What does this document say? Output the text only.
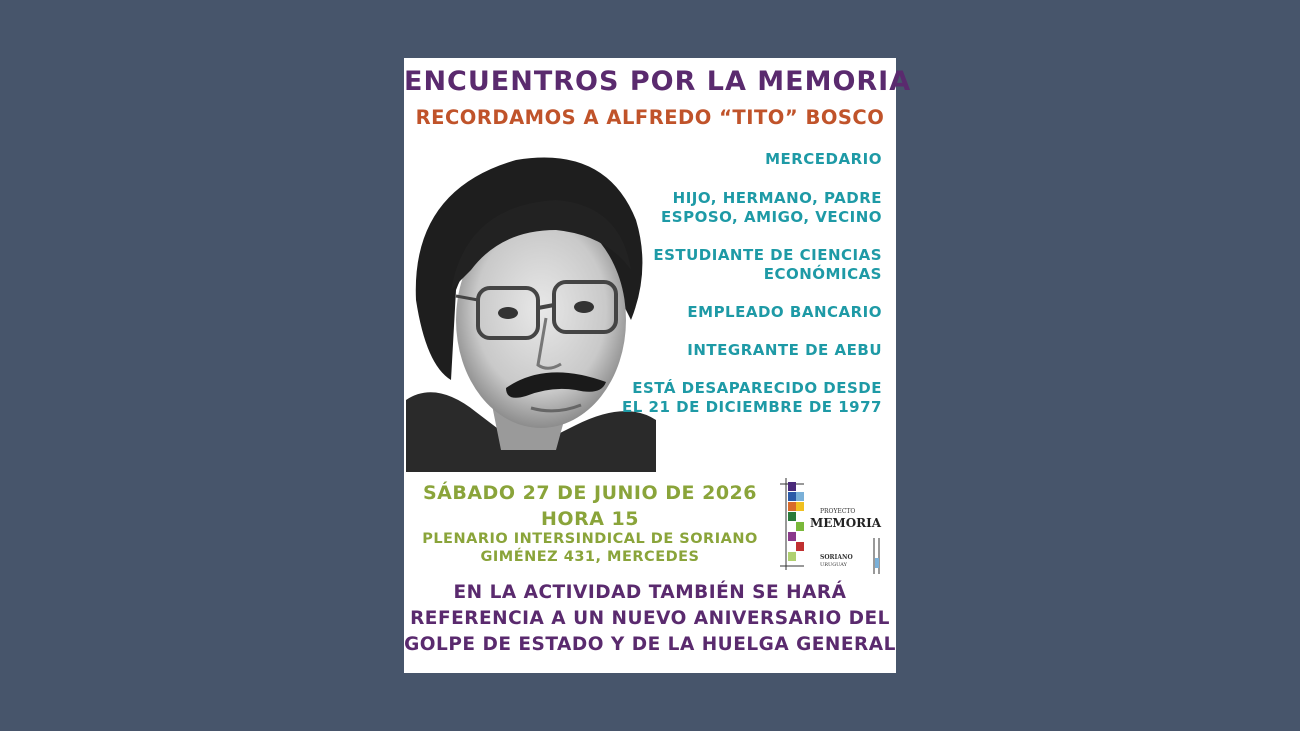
ENCUENTROS POR LA MEMORIA
RECORDAMOS A ALFREDO “TITO” BOSCO
MERCEDARIO
HIJO, HERMANO, PADRE
ESPOSO, AMIGO, VECINO
ESTUDIANTE DE CIENCIAS
ECONÓMICAS
EMPLEADO BANCARIO
INTEGRANTE DE AEBU
ESTÁ DESAPARECIDO DESDE
EL 21 DE DICIEMBRE DE 1977
SÁBADO 27 DE JUNIO DE 2026
HORA 15
PLENARIO INTERSINDICAL DE SORIANO
GIMÉNEZ 431, MERCEDES
PROYECTO
MEMORIA
SORIANO
URUGUAY
EN LA ACTIVIDAD TAMBIÉN SE HARÁ
REFERENCIA A UN NUEVO ANIVERSARIO DEL
GOLPE DE ESTADO Y DE LA HUELGA GENERAL
